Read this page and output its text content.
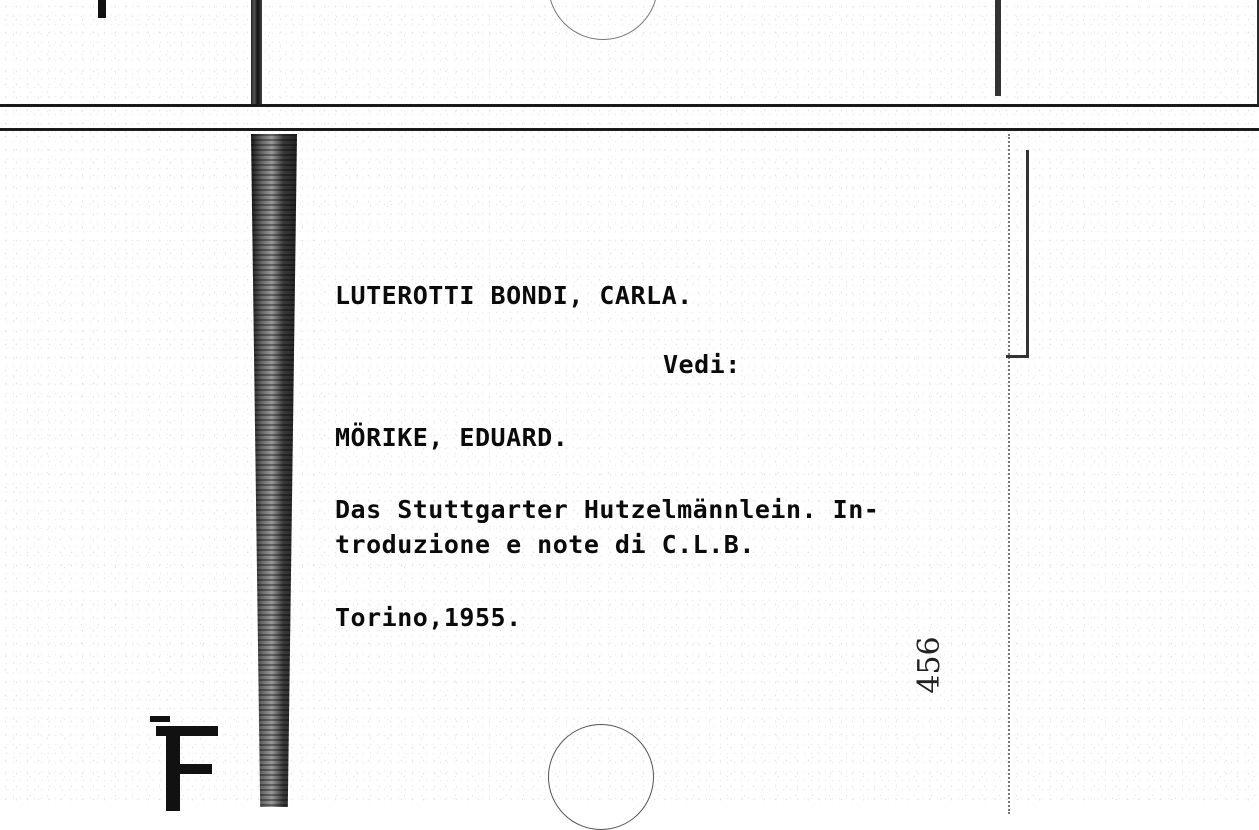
LUTEROTTI BONDI, CARLA.
Vedi:
MÖRIKE, EDUARD.
Das Stuttgarter Hutzelmännlein. In-
troduzione e note di C.L.B.
Torino,1955.
456
